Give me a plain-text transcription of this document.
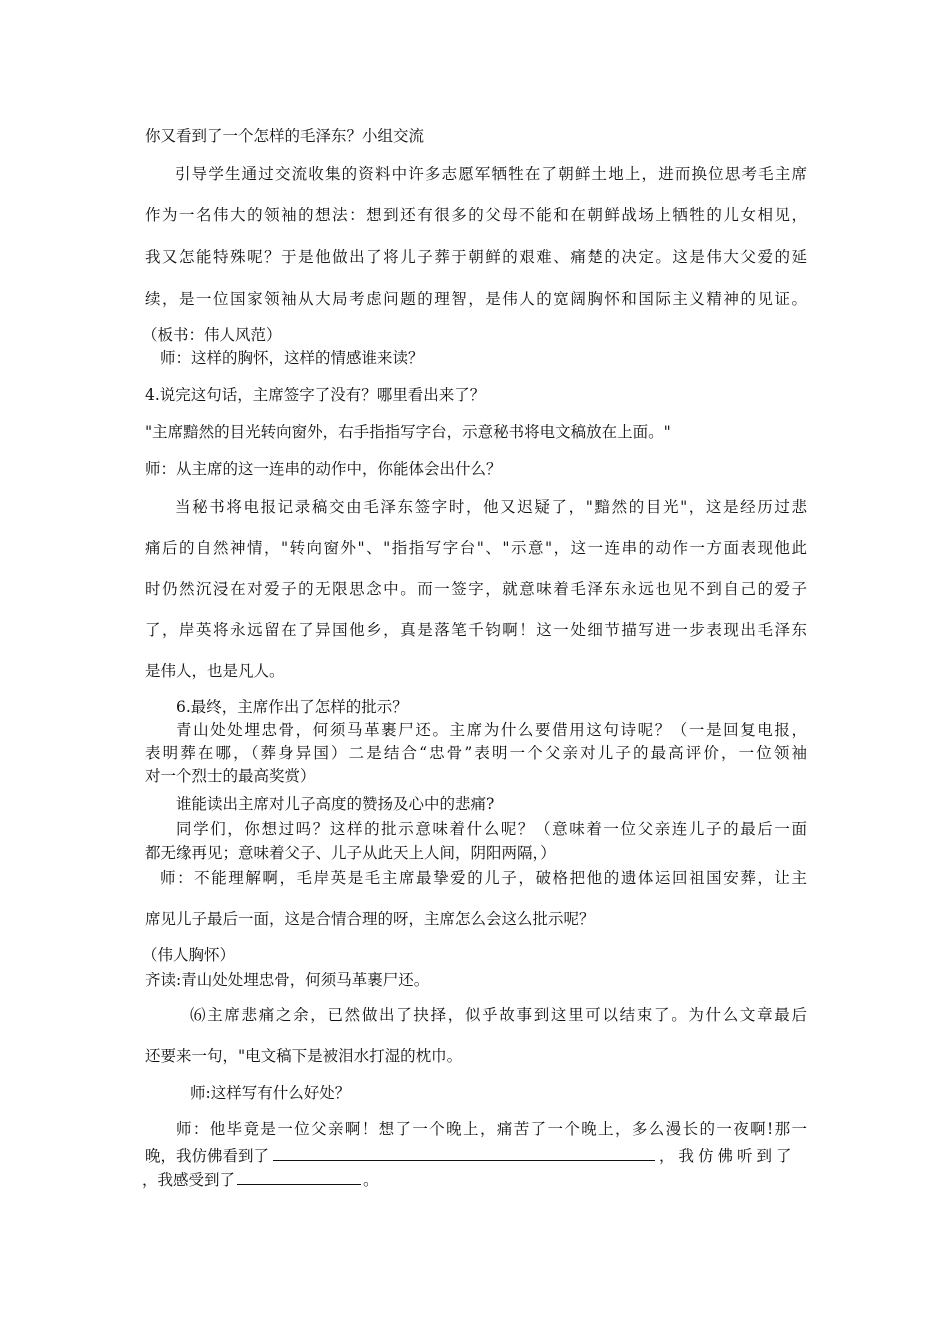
你又看到了一个怎样的毛泽东？小组交流
引导学生通过交流收集的资料中许多志愿军牺牲在了朝鲜土地上，进而换位思考毛主席
作为一名伟大的领袖的想法：想到还有很多的父母不能和在朝鲜战场上牺牲的儿女相见，
我又怎能特殊呢？于是他做出了将儿子葬于朝鲜的艰难、痛楚的决定。这是伟大父爱的延
续，是一位国家领袖从大局考虑问题的理智，是伟人的宽阔胸怀和国际主义精神的见证。
（板书：伟人风范）
师：这样的胸怀，这样的情感谁来读？
4.说完这句话，主席签字了没有？哪里看出来了？
"主席黯然的目光转向窗外，右手指指写字台，示意秘书将电文稿放在上面。"
师：从主席的这一连串的动作中，你能体会出什么？
当秘书将电报记录稿交由毛泽东签字时，他又迟疑了，"黯然的目光"，这是经历过悲
痛后的自然神情，"转向窗外"、"指指写字台"、"示意"，这一连串的动作一方面表现他此
时仍然沉浸在对爱子的无限思念中。而一签字，就意味着毛泽东永远也见不到自己的爱子
了，岸英将永远留在了异国他乡，真是落笔千钧啊！这一处细节描写进一步表现出毛泽东
是伟人，也是凡人。
6.最终，主席作出了怎样的批示？
青山处处埋忠骨，何须马革裹尸还。主席为什么要借用这句诗呢？（一是回复电报，
表明葬在哪，（葬身异国）二是结合“忠骨”表明一个父亲对儿子的最高评价，一位领袖
对一个烈士的最高奖赏）
谁能读出主席对儿子高度的赞扬及心中的悲痛?
同学们，你想过吗？这样的批示意味着什么呢？（意味着一位父亲连儿子的最后一面
都无缘再见；意味着父子、儿子从此天上人间，阴阳两隔，）
师：不能理解啊，毛岸英是毛主席最挚爱的儿子，破格把他的遗体运回祖国安葬，让主
席见儿子最后一面，这是合情合理的呀，主席怎么会这么批示呢？
（伟人胸怀）
齐读:青山处处埋忠骨，何须马革裹尸还。
⑹主席悲痛之余，已然做出了抉择，似乎故事到这里可以结束了。为什么文章最后
还要来一句，"电文稿下是被泪水打湿的枕巾。
师:这样写有什么好处？
师：他毕竟是一位父亲啊！想了一个晚上，痛苦了一个晚上，多么漫长的一夜啊!那一
晚，我仿佛看到了	，我仿佛听到了
，我感受到了	。
